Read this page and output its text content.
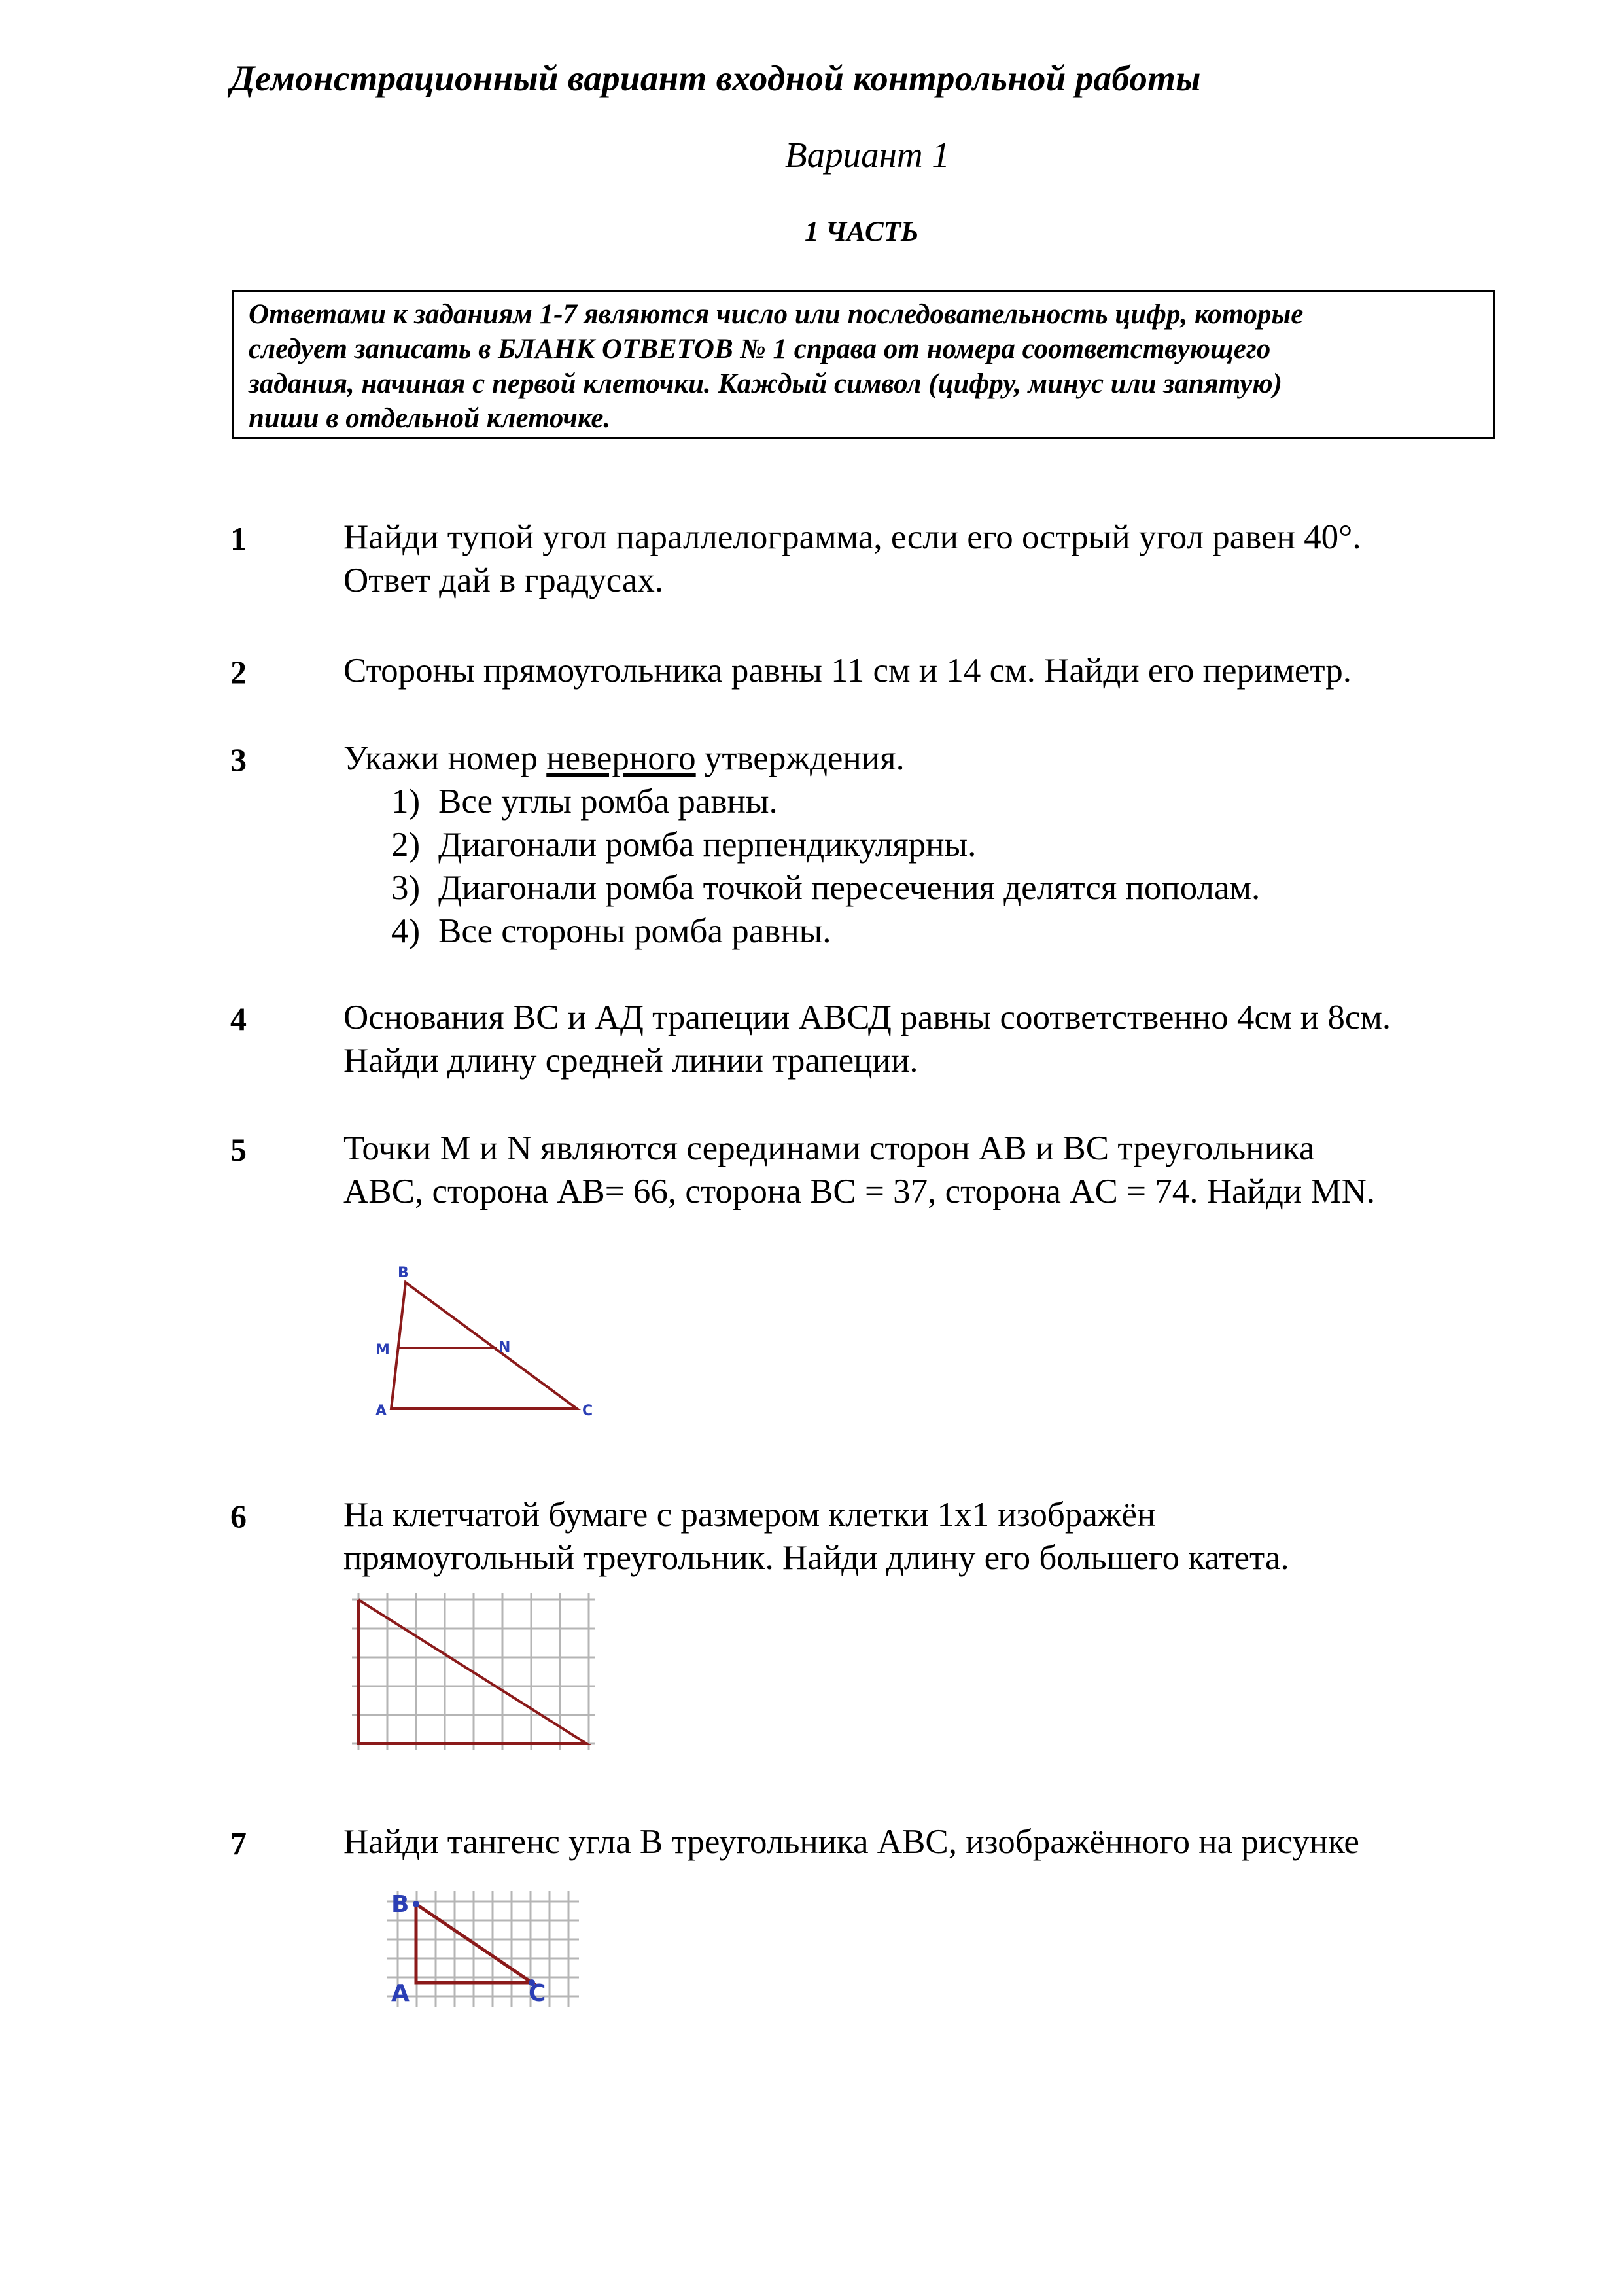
Демонстрационный вариант входной контрольной работы
Вариант 1
1 ЧАСТЬ
Ответами к заданиям 1-7 являются число или последовательность цифр, которые
следует записать в БЛАНК ОТВЕТОВ № 1 справа от номера соответствующего
задания, начиная с первой клеточки. Каждый символ (цифру, минус или запятую)
пиши в отдельной клеточке.
1	Найди тупой угол параллелограмма, если его острый угол равен 40°.
Ответ дай в градусах.
2	Стороны прямоугольника равны 11 см и 14 см. Найди его периметр.
3	Укажи номер неверного утверждения.
1) Все углы ромба равны.
2) Диагонали ромба перпендикулярны.
3) Диагонали ромба точкой пересечения делятся пополам.
4) Все стороны ромба равны.
4	Основания ВС и АД трапеции АВСД равны соответственно 4см и 8см.
Найди длину средней линии трапеции.
5	Точки M и N являются серединами сторон AB и BC треугольника
ABC, сторона AB= 66, сторона BC = 37, сторона AC = 74. Найди MN.
B
M	N
A	C
6	На клетчатой бумаге с размером клетки 1x1 изображён
прямоугольный треугольник. Найди длину его большего катета.
7	Найди тангенс угла B треугольника ABC, изображённого на рисунке
B
A	C
